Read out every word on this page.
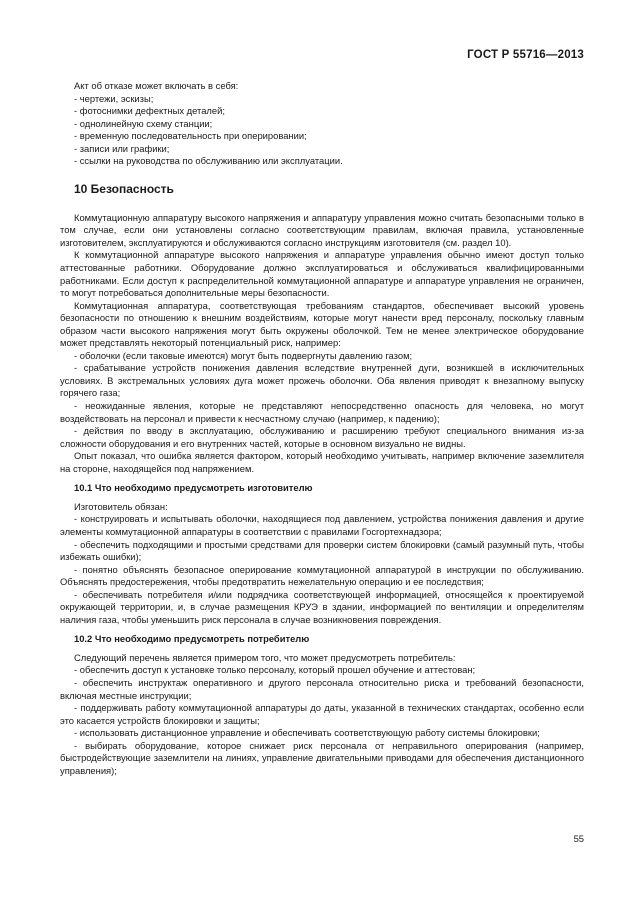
ГОСТ Р 55716—2013

Акт об отказе может включать в себя:

- чертежи, эскизы;

- фотоснимки дефектных деталей;

- однолинейную схему станции;

- временную последовательность при оперировании;

- записи или графики;

- ссылки на руководства по обслуживанию или эксплуатации.

10 Безопасность

Коммутационную аппаратуру высокого напряжения и аппаратуру управления можно считать безопасными только в том случае, если они установлены согласно соответствующим правилам, включая правила, установленные изготовителем, эксплуатируются и обслуживаются согласно инструкциям изготовителя (см. раздел 10).

К коммутационной аппаратуре высокого напряжения и аппаратуре управления обычно имеют доступ только аттестованные работники. Оборудование должно эксплуатироваться и обслуживаться квалифицированными работниками. Если доступ к распределительной коммутационной аппаратуре и аппаратуре управления не ограничен, то могут потребоваться дополнительные меры безопасности.

Коммутационная аппаратура, соответствующая требованиям стандартов, обеспечивает высокий уровень безопасности по отношению к внешним воздействиям, которые могут нанести вред персоналу, поскольку главным образом части высокого напряжения могут быть окружены оболочкой. Тем не менее электрическое оборудование может представлять некоторый потенциальный риск, например:

- оболочки (если таковые имеются) могут быть подвергнуты давлению газом;

- срабатывание устройств понижения давления вследствие внутренней дуги, возникшей в исключительных условиях. В экстремальных условиях дуга может прожечь оболочки. Оба явления приводят к внезапному выпуску горячего газа;

- неожиданные явления, которые не представляют непосредственно опасность для человека, но могут воздействовать на персонал и привести к несчастному случаю (например, к падению);

- действия по вводу в эксплуатацию, обслуживанию и расширению требуют специального внимания из-за сложности оборудования и его внутренних частей, которые в основном визуально не видны.

Опыт показал, что ошибка является фактором, который необходимо учитывать, например включение заземлителя на стороне, находящейся под напряжением.

10.1 Что необходимо предусмотреть изготовителю

Изготовитель обязан:

- конструировать и испытывать оболочки, находящиеся под давлением, устройства понижения давления и другие элементы коммутационной аппаратуры в соответствии с правилами Госгортехнадзора;

- обеспечить подходящими и простыми средствами для проверки систем блокировки (самый разумный путь, чтобы избежать ошибки);

- понятно объяснять безопасное оперирование коммутационной аппаратурой в инструкции по обслуживанию. Объяснять предостережения, чтобы предотвратить нежелательную операцию и ее последствия;

- обеспечивать потребителя и/или подрядчика соответствующей информацией, относящейся к проектируемой окружающей территории, и, в случае размещения КРУЭ в здании, информацией по вентиляции и определителям наличия газа, чтобы уменьшить риск персонала в случае возникновения повреждения.

10.2 Что необходимо предусмотреть потребителю

Следующий перечень является примером того, что может предусмотреть потребитель:

- обеспечить доступ к установке только персоналу, который прошел обучение и аттестован;

- обеспечить инструктаж оперативного и другого персонала относительно риска и требований безопасности, включая местные инструкции;

- поддерживать работу коммутационной аппаратуры до даты, указанной в технических стандартах, особенно если это касается устройств блокировки и защиты;

- использовать дистанционное управление и обеспечивать соответствующую работу системы блокировки;

- выбирать оборудование, которое снижает риск персонала от неправильного оперирования (например, быстродействующие заземлители на линиях, управление двигательными приводами для обеспечения дистанционного управления);

55
